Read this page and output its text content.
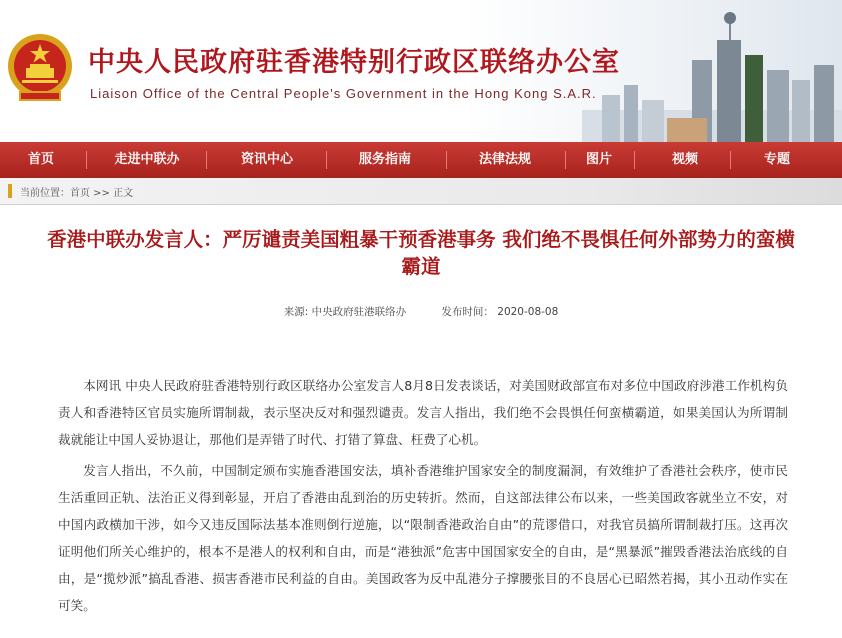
中央人民政府驻香港特别行政区联络办公室
Liaison Office of the Central People's Government in the Hong Kong S.A.R.
首页	走进中联办	资讯中心	服务指南	法律法规	图片	视频	专题
当前位置：首页 >> 正文
香港中联办发言人：严厉谴责美国粗暴干预香港事务 我们绝不畏惧任何外部势力的蛮横
霸道
来源: 中央政府驻港联络办	发布时间： 2020-08-08

本网讯 中央人民政府驻香港特别行政区联络办公室发言人8月8日发表谈话，对美国财政部宣布对多位中国政府涉港工作机构负责人和香港特区官员实施所谓制裁，表示坚决反对和强烈谴责。发言人指出，我们绝不会畏惧任何蛮横霸道，如果美国认为所谓制裁就能让中国人妥协退让，那他们是弄错了时代、打错了算盘、枉费了心机。

发言人指出，不久前，中国制定颁布实施香港国安法，填补香港维护国家安全的制度漏洞，有效维护了香港社会秩序，使市民生活重回正轨、法治正义得到彰显，开启了香港由乱到治的历史转折。然而，自这部法律公布以来，一些美国政客就坐立不安，对中国内政横加干涉，如今又违反国际法基本准则倒行逆施，以“限制香港政治自由”的荒谬借口，对我官员搞所谓制裁打压。这再次证明他们所关心维护的，根本不是港人的权利和自由，而是“港独派”危害中国国家安全的自由，是“黑暴派”摧毁香港法治底线的自由，是“揽炒派”搞乱香港、损害香港市民利益的自由。美国政客为反中乱港分子撑腰张目的不良居心已昭然若揭，其小丑动作实在可笑。
